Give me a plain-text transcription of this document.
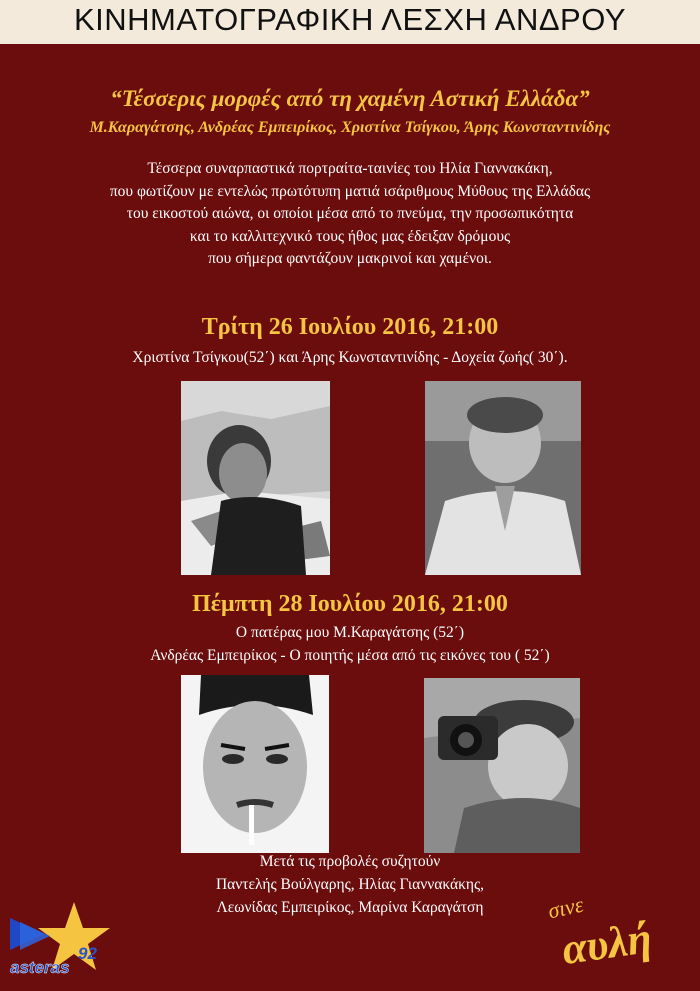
ΚΙΝΗΜΑΤΟΓΡΑΦΙΚΗ ΛΕΣΧΗ ΑΝΔΡΟΥ
“Τέσσερις μορφές από τη χαμένη Αστική Ελλάδα”
Μ.Καραγάτσης, Ανδρέας Εμπειρίκος, Χριστίνα Τσίγκου, Άρης Κωνσταντινίδης
Τέσσερα συναρπαστικά πορτραίτα-ταινίες του Ηλία Γιαννακάκη,
που φωτίζουν με εντελώς πρωτότυπη ματιά ισάριθμους Μύθους της Ελλάδας
του εικοστού αιώνα, οι οποίοι μέσα από το πνεύμα, την προσωπικότητα
και το καλλιτεχνικό τους ήθος μας έδειξαν δρόμους
που σήμερα φαντάζουν μακρινοί και χαμένοι.
Τρίτη 26 Ιουλίου 2016, 21:00
Χριστίνα Τσίγκου(52΄) και Άρης Κωνσταντινίδης - Δοχεία ζωής( 30΄).
Πέμπτη 28 Ιουλίου 2016, 21:00
Ο πατέρας μου Μ.Καραγάτσης (52΄)
Ανδρέας Εμπειρίκος - Ο ποιητής μέσα από τις εικόνες του ( 52΄)
Μετά τις προβολές συζητούν
Παντελής Βούλγαρης, Ηλίας Γιαννακάκης,
Λεωνίδας Εμπειρίκος, Μαρίνα Καραγάτση
asteras
92
σινε
αυλή
